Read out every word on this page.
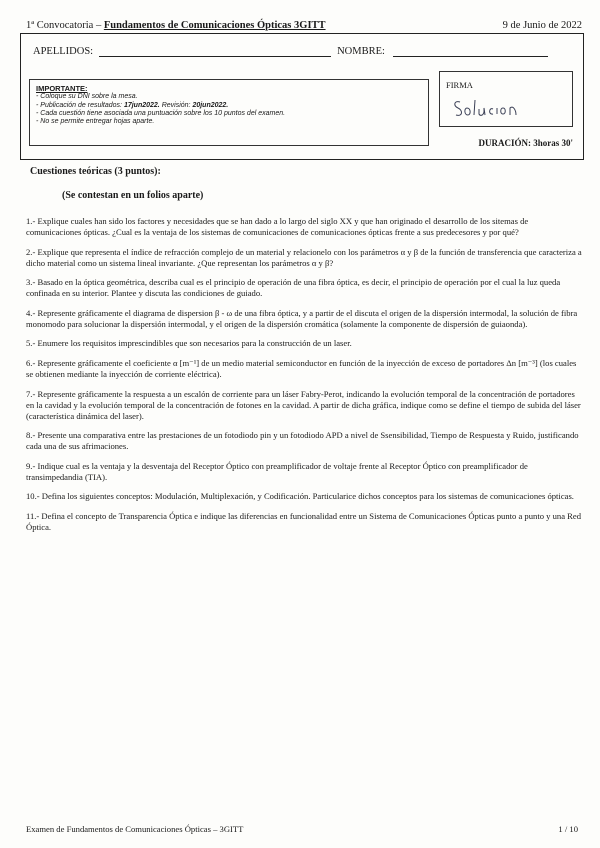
1ª Convocatoria – Fundamentos de Comunicaciones Ópticas 3GITT	9 de Junio de 2022
APELLIDOS:	NOMBRE:
IMPORTANTE:
- Coloque su DNI sobre la mesa.
- Publicación de resultados: 17jun2022. Revisión: 20jun2022.
- Cada cuestión tiene asociada una puntuación sobre los 10 puntos del examen.
- No se permite entregar hojas aparte.
FIRMA
DURACIÓN: 3horas 30'
Cuestiones teóricas (3 puntos):
(Se contestan en un folios aparte)

1.- Explique cuales han sido los factores y necesidades que se han dado a lo largo del siglo XX y que han originado el desarrollo de los sitemas de comunicaciones ópticas. ¿Cual es la ventaja de los sistemas de comunicaciones de comunicaciones ópticas frente a sus predecesores y por qué?

2.- Explique que representa el índice de refracción complejo de un material y relacionelo con los parámetros α y β de la función de transferencia que caracteriza a dicho material como un sistema lineal invariante. ¿Que representan los parámetros α y β?

3.- Basado en la óptica geométrica, describa cual es el principio de operación de una fibra óptica, es decir, el principio de operación por el cual la luz queda confinada en su interior. Plantee y discuta las condiciones de guiado.

4.- Represente gráficamente el diagrama de dispersion β - ω de una fibra óptica, y a partir de el discuta el origen de la dispersión intermodal, la solución de fibra monomodo para solucionar la dispersión intermodal, y el origen de la dispersión cromática (solamente la componente de dispersión de guiaonda).

5.- Enumere los requisitos imprescindibles que son necesarios para la construcción de un laser.

6.- Represente gráficamente el coeficiente α [m⁻¹] de un medio material semiconductor en función de la inyección de exceso de portadores Δn [m⁻³] (los cuales se obtienen mediante la inyección de corriente eléctrica).

7.- Represente gráficamente la respuesta a un escalón de corriente para un láser Fabry-Perot, indicando la evolución temporal de la concentración de portadores en la cavidad y la evolución temporal de la concentración de fotones en la cavidad. A partir de dicha gráfica, indique como se define el tiempo de subida del láser (característica dinámica del laser).

8.- Presente una comparativa entre las prestaciones de un fotodiodo pin y un fotodiodo APD a nivel de Ssensibilidad, Tiempo de Respuesta y Ruido, justificando cada una de sus afrimaciones.

9.- Indique cual es la ventaja y la desventaja del Receptor Óptico con preamplificador de voltaje frente al Receptor Óptico con preamplificador de transimpedandia (TIA).

10.- Defina los siguientes conceptos: Modulación, Multiplexación, y Codificación. Particularice dichos conceptos para los sistemas de comunicaciones ópticas.

11.- Defina el concepto de Transparencia Óptica e indique las diferencias en funcionalidad entre un Sistema de Comunicaciones Ópticas punto a punto y una Red Óptica.

Examen de Fundamentos de Comunicaciones Ópticas – 3GITT	1 / 10
